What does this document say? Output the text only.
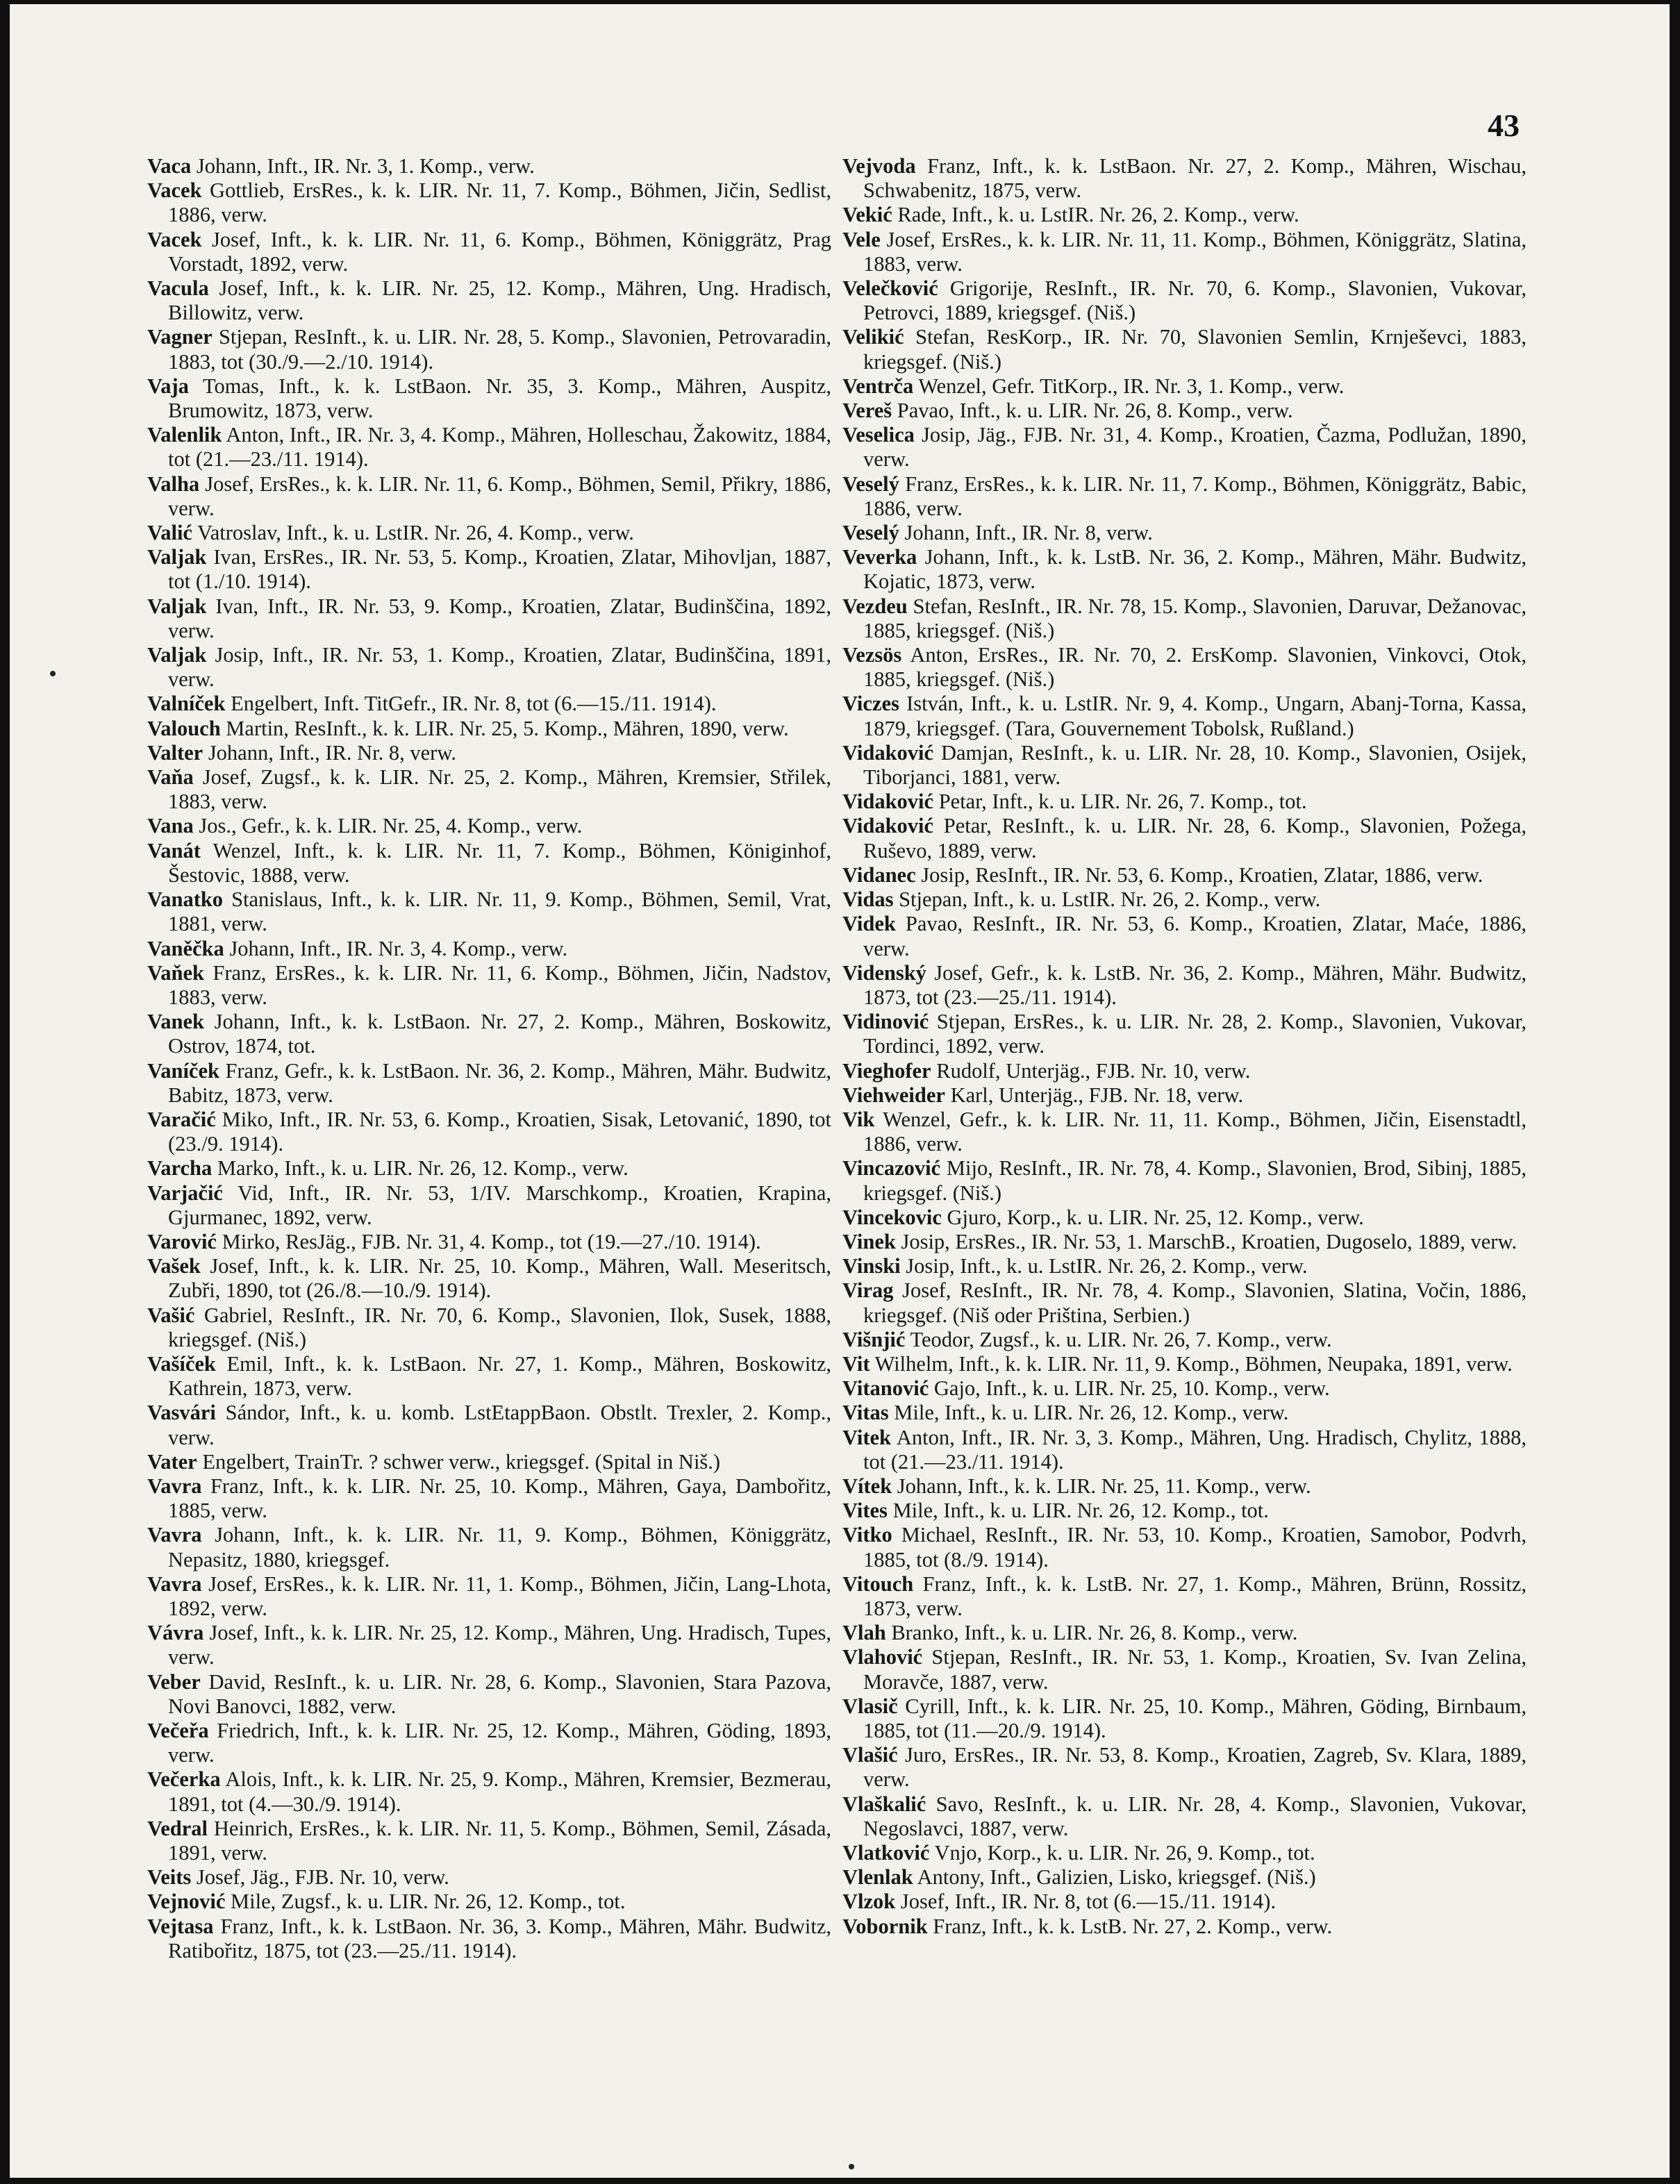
43

Vaca Johann, Inft., IR. Nr. 3, 1. Komp., verw.

Vacek Gottlieb, ErsRes., k. k. LIR. Nr. 11, 7. Komp., Böhmen, Jičin, Sedlist, 1886, verw.

Vacek Josef, Inft., k. k. LIR. Nr. 11, 6. Komp., Böhmen, Königgrätz, Prag Vorstadt, 1892, verw.

Vaculа Josef, Inft., k. k. LIR. Nr. 25, 12. Komp., Mähren, Ung. Hradisch, Billowitz, verw.

Vagner Stjepan, ResInft., k. u. LIR. Nr. 28, 5. Komp., Slavonien, Petrovaradin, 1883, tot (30./9.—2./10. 1914).

Vaja Tomas, Inft., k. k. LstBaon. Nr. 35, 3. Komp., Mähren, Auspitz, Brumowitz, 1873, verw.

Valenlik Anton, Inft., IR. Nr. 3, 4. Komp., Mähren, Holleschau, Žakowitz, 1884, tot (21.—23./11. 1914).

Valha Josef, ErsRes., k. k. LIR. Nr. 11, 6. Komp., Böhmen, Semil, Přikry, 1886, verw.

Valić Vatroslav, Inft., k. u. LstIR. Nr. 26, 4. Komp., verw.

Valjak Ivan, ErsRes., IR. Nr. 53, 5. Komp., Kroatien, Zlatar, Mihovljan, 1887, tot (1./10. 1914).

Valjak Ivan, Inft., IR. Nr. 53, 9. Komp., Kroatien, Zlatar, Budinščina, 1892, verw.

Valjak Josip, Inft., IR. Nr. 53, 1. Komp., Kroatien, Zlatar, Budinščina, 1891, verw.

Valníček Engelbert, Inft. TitGefr., IR. Nr. 8, tot (6.—15./11. 1914).

Valouch Martin, ResInft., k. k. LIR. Nr. 25, 5. Komp., Mähren, 1890, verw.

Valter Johann, Inft., IR. Nr. 8, verw.

Vaňa Josef, Zugsf., k. k. LIR. Nr. 25, 2. Komp., Mähren, Kremsier, Střilek, 1883, verw.

Vana Jos., Gefr., k. k. LIR. Nr. 25, 4. Komp., verw.

Vanát Wenzel, Inft., k. k. LIR. Nr. 11, 7. Komp., Böhmen, Königinhof, Šestovic, 1888, verw.

Vanatko Stanislaus, Inft., k. k. LIR. Nr. 11, 9. Komp., Böhmen, Semil, Vrat, 1881, verw.

Vaněčka Johann, Inft., IR. Nr. 3, 4. Komp., verw.

Vaňek Franz, ErsRes., k. k. LIR. Nr. 11, 6. Komp., Böhmen, Jičin, Nadstov, 1883, verw.

Vanek Johann, Inft., k. k. LstBaon. Nr. 27, 2. Komp., Mähren, Boskowitz, Ostrov, 1874, tot.

Vaníček Franz, Gefr., k. k. LstBaon. Nr. 36, 2. Komp., Mähren, Mähr. Budwitz, Babitz, 1873, verw.

Varačić Miko, Inft., IR. Nr. 53, 6. Komp., Kroatien, Sisak, Letovanić, 1890, tot (23./9. 1914).

Varcha Marko, Inft., k. u. LIR. Nr. 26, 12. Komp., verw.

Varjačić Vid, Inft., IR. Nr. 53, 1/IV. Marschkomp., Kroatien, Krapina, Gjurmanec, 1892, verw.

Varović Mirko, ResJäg., FJB. Nr. 31, 4. Komp., tot (19.—27./10. 1914).

Vašek Josef, Inft., k. k. LIR. Nr. 25, 10. Komp., Mähren, Wall. Meseritsch, Zubři, 1890, tot (26./8.—10./9. 1914).

Vašić Gabriel, ResInft., IR. Nr. 70, 6. Komp., Slavonien, Ilok, Susek, 1888, kriegsgef. (Niš.)

Vašíček Emil, Inft., k. k. LstBaon. Nr. 27, 1. Komp., Mähren, Boskowitz, Kathrein, 1873, verw.

Vasvári Sándor, Inft., k. u. komb. LstEtappBaon. Obstlt. Trexler, 2. Komp., verw.

Vater Engelbert, TrainTr. ? schwer verw., kriegsgef. (Spital in Niš.)

Vavra Franz, Inft., k. k. LIR. Nr. 25, 10. Komp., Mähren, Gaya, Dambořitz, 1885, verw.

Vavra Johann, Inft., k. k. LIR. Nr. 11, 9. Komp., Böhmen, Königgrätz, Nepasitz, 1880, kriegsgef.

Vavra Josef, ErsRes., k. k. LIR. Nr. 11, 1. Komp., Böhmen, Jičin, Lang-Lhota, 1892, verw.

Vávra Josef, Inft., k. k. LIR. Nr. 25, 12. Komp., Mähren, Ung. Hradisch, Tupes, verw.

Veber David, ResInft., k. u. LIR. Nr. 28, 6. Komp., Slavonien, Stara Pazova, Novi Banovci, 1882, verw.

Večeřa Friedrich, Inft., k. k. LIR. Nr. 25, 12. Komp., Mähren, Göding, 1893, verw.

Večerka Alois, Inft., k. k. LIR. Nr. 25, 9. Komp., Mähren, Kremsier, Bezmerau, 1891, tot (4.—30./9. 1914).

Vedral Heinrich, ErsRes., k. k. LIR. Nr. 11, 5. Komp., Böhmen, Semil, Zásada, 1891, verw.

Veits Josef, Jäg., FJB. Nr. 10, verw.

Vejnović Mile, Zugsf., k. u. LIR. Nr. 26, 12. Komp., tot.

Vejtasa Franz, Inft., k. k. LstBaon. Nr. 36, 3. Komp., Mähren, Mähr. Budwitz, Ratibořitz, 1875, tot (23.—25./11. 1914).

Vejvoda Franz, Inft., k. k. LstBaon. Nr. 27, 2. Komp., Mähren, Wischau, Schwabenitz, 1875, verw.

Vekić Rade, Inft., k. u. LstIR. Nr. 26, 2. Komp., verw.

Vele Josef, ErsRes., k. k. LIR. Nr. 11, 11. Komp., Böhmen, Königgrätz, Slatina, 1883, verw.

Velečković Grigorije, ResInft., IR. Nr. 70, 6. Komp., Slavonien, Vukovar, Petrovci, 1889, kriegsgef. (Niš.)

Velikić Stefan, ResKorp., IR. Nr. 70, Slavonien Semlin, Krnješevci, 1883, kriegsgef. (Niš.)

Ventrča Wenzel, Gefr. TitKorp., IR. Nr. 3, 1. Komp., verw.

Vereš Pavao, Inft., k. u. LIR. Nr. 26, 8. Komp., verw.

Veselica Josip, Jäg., FJB. Nr. 31, 4. Komp., Kroatien, Čazma, Podlužan, 1890, verw.

Veselý Franz, ErsRes., k. k. LIR. Nr. 11, 7. Komp., Böhmen, Königgrätz, Babic, 1886, verw.

Veselý Johann, Inft., IR. Nr. 8, verw.

Veverka Johann, Inft., k. k. LstB. Nr. 36, 2. Komp., Mähren, Mähr. Budwitz, Kojatic, 1873, verw.

Vezdeu Stefan, ResInft., IR. Nr. 78, 15. Komp., Slavonien, Daruvar, Dežanovac, 1885, kriegsgef. (Niš.)

Vezsös Anton, ErsRes., IR. Nr. 70, 2. ErsKomp. Slavonien, Vinkovci, Otok, 1885, kriegsgef. (Niš.)

Viczes István, Inft., k. u. LstIR. Nr. 9, 4. Komp., Ungarn, Abanj-Torna, Kassa, 1879, kriegsgef. (Tara, Gouvernement Tobolsk, Rußland.)

Vidaković Damjan, ResInft., k. u. LIR. Nr. 28, 10. Komp., Slavonien, Osijek, Tiborjanci, 1881, verw.

Vidaković Petar, Inft., k. u. LIR. Nr. 26, 7. Komp., tot.

Vidaković Petar, ResInft., k. u. LIR. Nr. 28, 6. Komp., Slavonien, Požega, Ruševo, 1889, verw.

Vidanec Josip, ResInft., IR. Nr. 53, 6. Komp., Kroatien, Zlatar, 1886, verw.

Vidas Stjepan, Inft., k. u. LstIR. Nr. 26, 2. Komp., verw.

Videk Pavao, ResInft., IR. Nr. 53, 6. Komp., Kroatien, Zlatar, Maće, 1886, verw.

Videnský Josef, Gefr., k. k. LstB. Nr. 36, 2. Komp., Mähren, Mähr. Budwitz, 1873, tot (23.—25./11. 1914).

Vidinović Stjepan, ErsRes., k. u. LIR. Nr. 28, 2. Komp., Slavonien, Vukovar, Tordinci, 1892, verw.

Vieghofer Rudolf, Unterjäg., FJB. Nr. 10, verw.

Viehweider Karl, Unterjäg., FJB. Nr. 18, verw.

Vik Wenzel, Gefr., k. k. LIR. Nr. 11, 11. Komp., Böhmen, Jičin, Eisenstadtl, 1886, verw.

Vincazović Mijo, ResInft., IR. Nr. 78, 4. Komp., Slavonien, Brod, Sibinj, 1885, kriegsgef. (Niš.)

Vincekovic Gjuro, Korp., k. u. LIR. Nr. 25, 12. Komp., verw.

Vinek Josip, ErsRes., IR. Nr. 53, 1. MarschB., Kroatien, Dugoselo, 1889, verw.

Vinski Josip, Inft., k. u. LstIR. Nr. 26, 2. Komp., verw.

Virag Josef, ResInft., IR. Nr. 78, 4. Komp., Slavonien, Slatina, Vočin, 1886, kriegsgef. (Niš oder Priština, Serbien.)

Višnjić Teodor, Zugsf., k. u. LIR. Nr. 26, 7. Komp., verw.

Vit Wilhelm, Inft., k. k. LIR. Nr. 11, 9. Komp., Böhmen, Neupaka, 1891, verw.

Vitanović Gajo, Inft., k. u. LIR. Nr. 25, 10. Komp., verw.

Vitas Mile, Inft., k. u. LIR. Nr. 26, 12. Komp., verw.

Vitek Anton, Inft., IR. Nr. 3, 3. Komp., Mähren, Ung. Hradisch, Chylitz, 1888, tot (21.—23./11. 1914).

Vítek Johann, Inft., k. k. LIR. Nr. 25, 11. Komp., verw.

Vites Mile, Inft., k. u. LIR. Nr. 26, 12. Komp., tot.

Vitko Michael, ResInft., IR. Nr. 53, 10. Komp., Kroatien, Samobor, Podvrh, 1885, tot (8./9. 1914).

Vitouch Franz, Inft., k. k. LstB. Nr. 27, 1. Komp., Mähren, Brünn, Rossitz, 1873, verw.

Vlah Branko, Inft., k. u. LIR. Nr. 26, 8. Komp., verw.

Vlahović Stjepan, ResInft., IR. Nr. 53, 1. Komp., Kroatien, Sv. Ivan Zelina, Moravče, 1887, verw.

Vlasič Cyrill, Inft., k. k. LIR. Nr. 25, 10. Komp., Mähren, Göding, Birnbaum, 1885, tot (11.—20./9. 1914).

Vlašić Juro, ErsRes., IR. Nr. 53, 8. Komp., Kroatien, Zagreb, Sv. Klara, 1889, verw.

Vlaškalić Savo, ResInft., k. u. LIR. Nr. 28, 4. Komp., Slavonien, Vukovar, Negoslavci, 1887, verw.

Vlatković Vnjo, Korp., k. u. LIR. Nr. 26, 9. Komp., tot.

Vlenlak Antony, Inft., Galizien, Lisko, kriegsgef. (Niš.)

Vlzok Josef, Inft., IR. Nr. 8, tot (6.—15./11. 1914).

Vobornik Franz, Inft., k. k. LstB. Nr. 27, 2. Komp., verw.
